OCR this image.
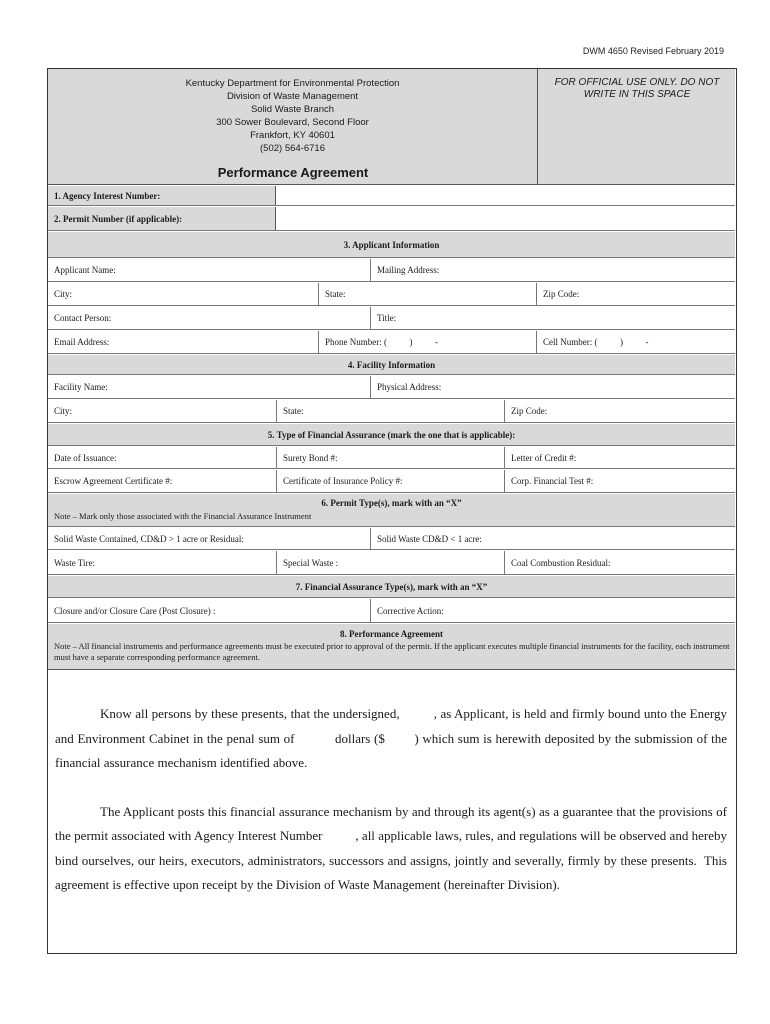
DWM 4650 Revised February 2019
Kentucky Department for Environmental Protection
Division of Waste Management
Solid Waste Branch
300 Sower Boulevard, Second Floor
Frankfort, KY 40601
(502) 564-6716
Performance Agreement
FOR OFFICIAL USE ONLY. DO NOT WRITE IN THIS SPACE
1. Agency Interest Number:
2. Permit Number (if applicable):
3. Applicant Information
Applicant Name:	Mailing Address:
City:	State:	Zip Code:
Contact Person:	Title:
Email Address:	Phone Number: (          )          -	Cell Number: (          )          -
4. Facility Information
Facility Name:	Physical Address:
City:	State:	Zip Code:
5. Type of Financial Assurance (mark the one that is applicable):
Date of Issuance:	Surety Bond #:	Letter of Credit #:
Escrow Agreement Certificate #:	Certificate of Insurance Policy #:	Corp. Financial Test #:
6. Permit Type(s), mark with an “X”
Note – Mark only those associated with the Financial Assurance Instrument
Solid Waste Contained, CD&D > 1 acre or Residual:	Solid Waste CD&D < 1 acre:
Waste Tire:	Special Waste :	Coal Combustion Residual:
7. Financial Assurance Type(s), mark with an “X”
Closure and/or Closure Care (Post Closure) :	Corrective Action:
8. Performance Agreement
Note – All financial instruments and performance agreements must be executed prior to approval of the permit. If the applicant executes multiple financial instruments for the facility, each instrument must have a separate corresponding performance agreement.

Know all persons by these presents, that the undersigned,          , as Applicant, is held and firmly bound unto the Energy and Environment Cabinet in the penal sum of           dollars ($        ) which sum is herewith deposited by the submission of the financial assurance mechanism identified above.

The Applicant posts this financial assurance mechanism by and through its agent(s) as a guarantee that the provisions of the permit associated with Agency Interest Number          , all applicable laws, rules, and regulations will be observed and hereby bind ourselves, our heirs, executors, administrators, successors and assigns, jointly and severally, firmly by these presents.  This agreement is effective upon receipt by the Division of Waste Management (hereinafter Division).
